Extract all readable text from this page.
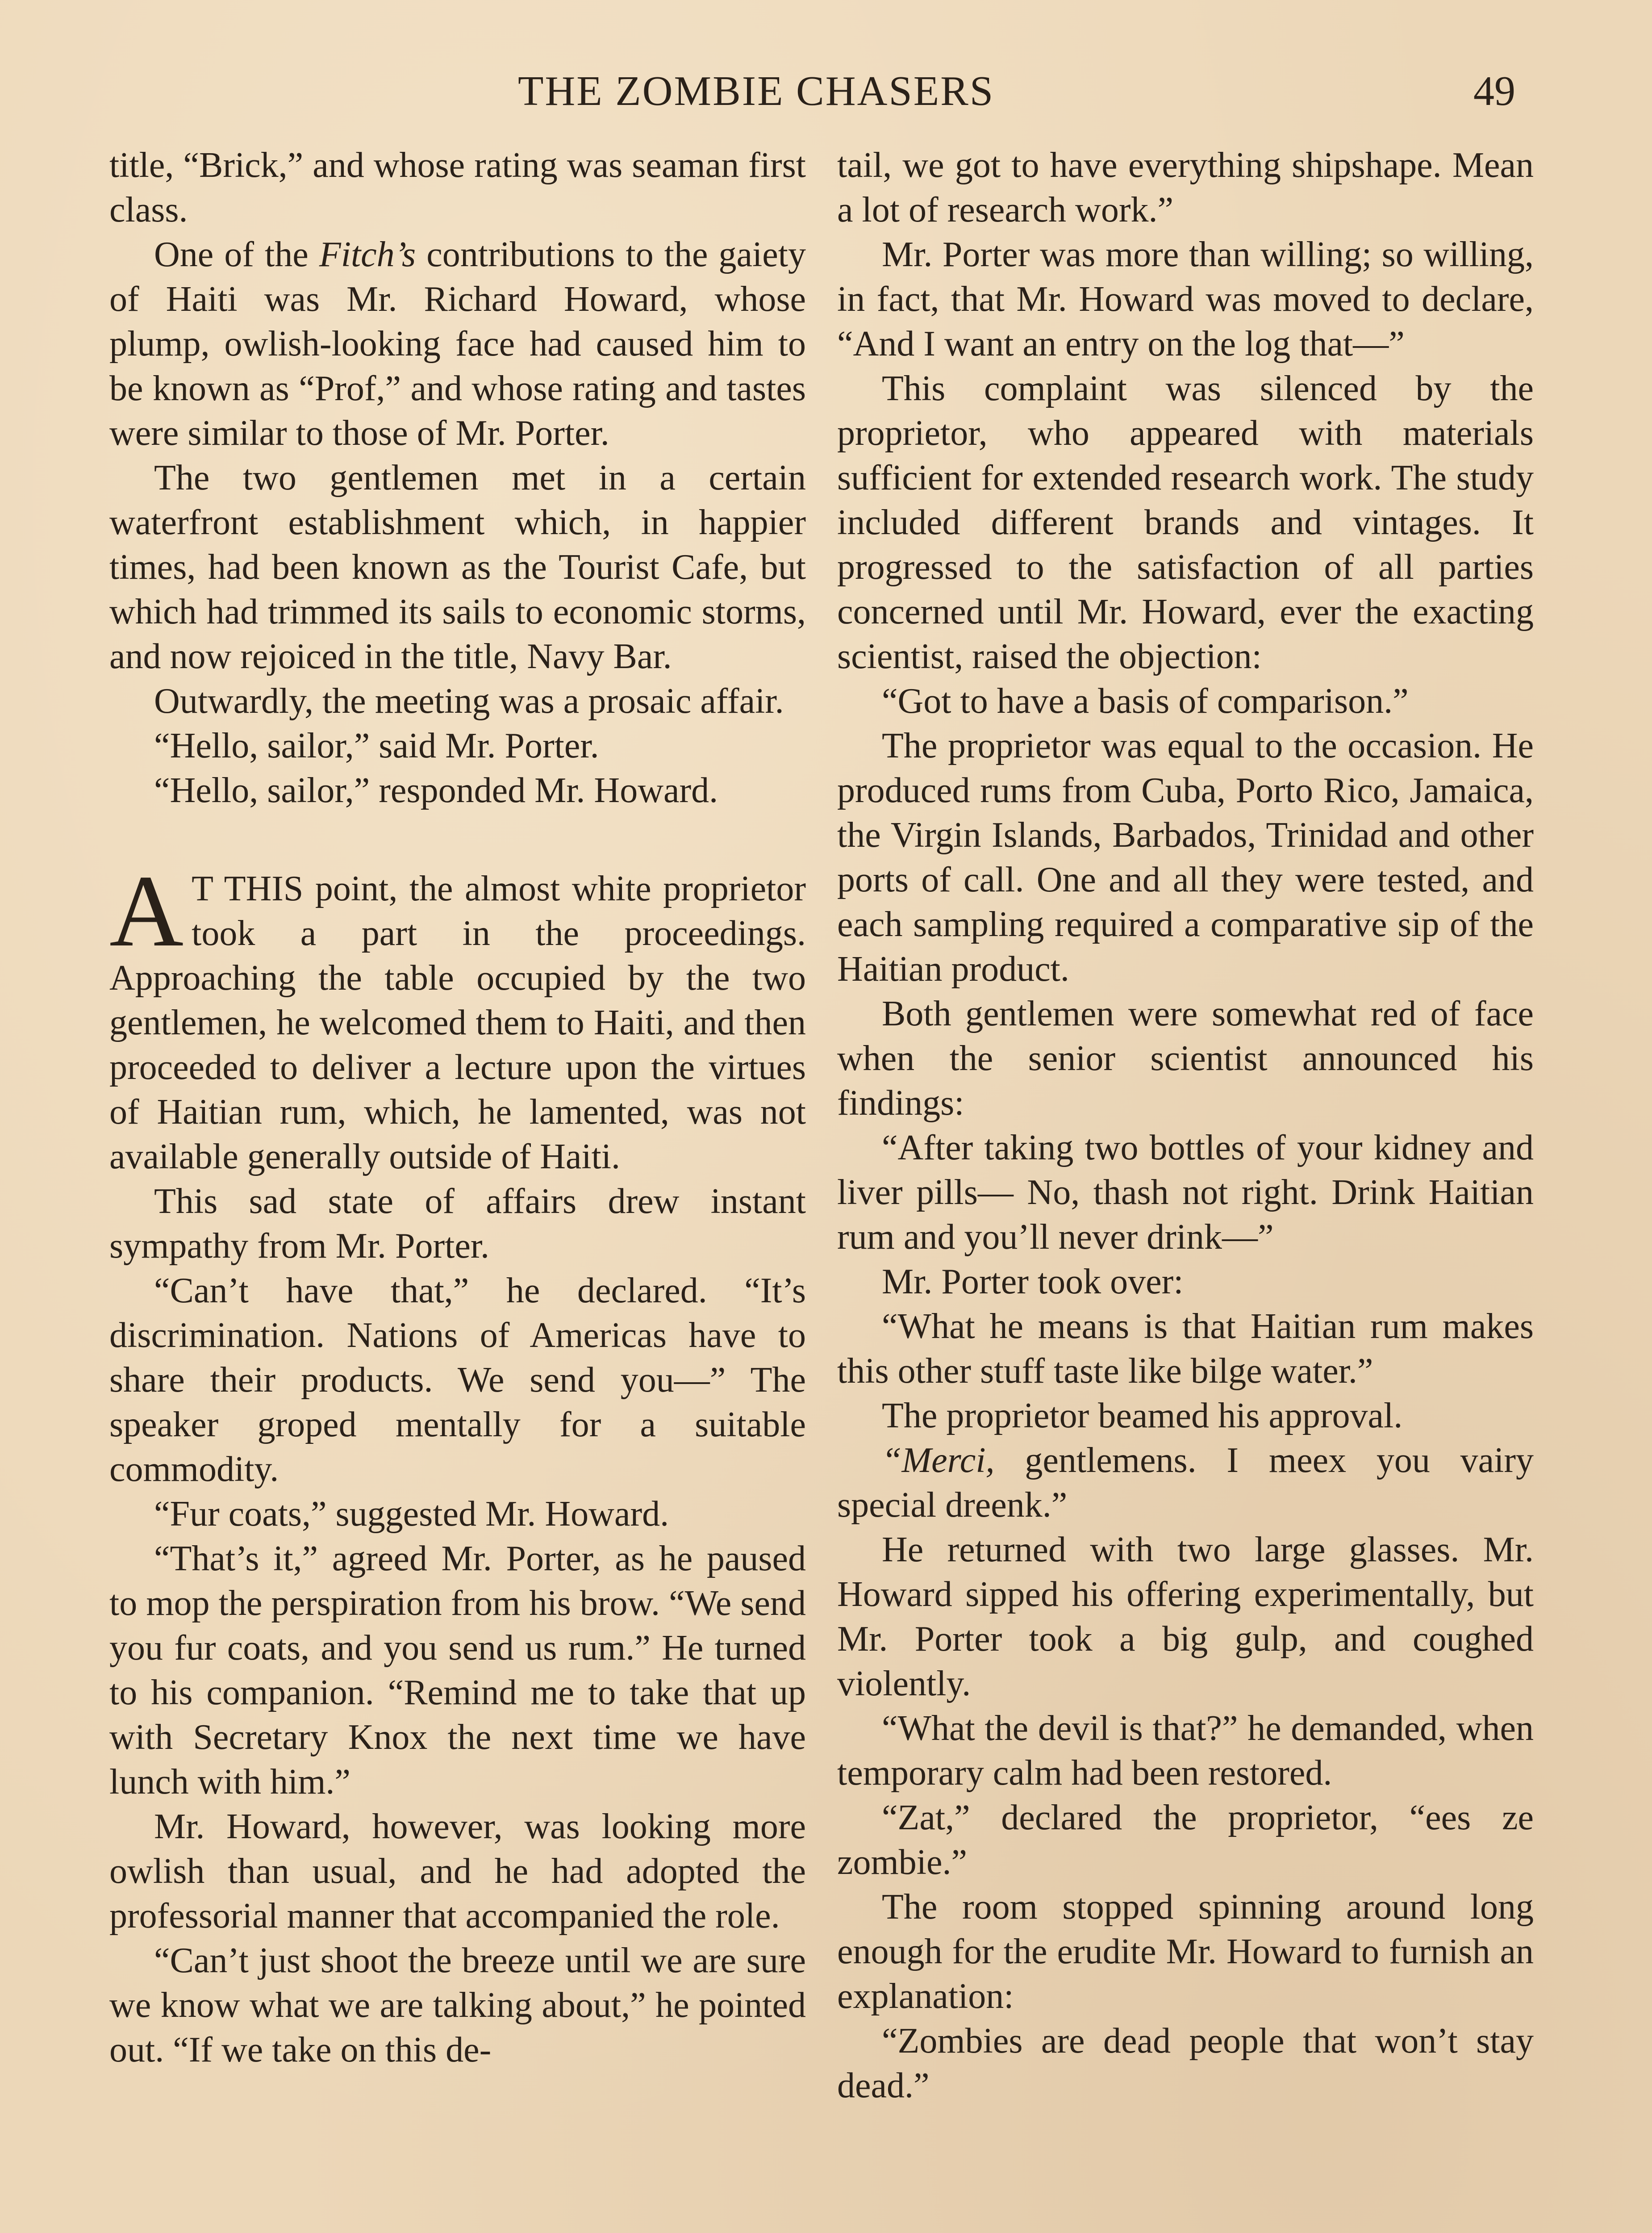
THE ZOMBIE CHASERS	49

title, “Brick,” and whose rating was seaman first class.

One of the Fitch’s contributions to the gaiety of Haiti was Mr. Richard Howard, whose plump, owlish-looking face had caused him to be known as “Prof,” and whose rating and tastes were similar to those of Mr. Porter.

The two gentlemen met in a certain waterfront establishment which, in happier times, had been known as the Tourist Cafe, but which had trimmed its sails to economic storms, and now rejoiced in the title, Navy Bar.

Outwardly, the meeting was a prosaic affair.

“Hello, sailor,” said Mr. Porter.

“Hello, sailor,” responded Mr. Howard.

A T THIS point, the almost white proprietor took a part in the proceedings. Approaching the table occupied by the two gentlemen, he welcomed them to Haiti, and then proceeded to deliver a lecture upon the virtues of Haitian rum, which, he lamented, was not available generally outside of Haiti.

This sad state of affairs drew instant sympathy from Mr. Porter.

“Can’t have that,” he declared. “It’s discrimination. Nations of Americas have to share their products. We send you—” The speaker groped mentally for a suitable commodity.

“Fur coats,” suggested Mr. Howard.

“That’s it,” agreed Mr. Porter, as he paused to mop the perspiration from his brow. “We send you fur coats, and you send us rum.” He turned to his companion. “Remind me to take that up with Secretary Knox the next time we have lunch with him.”

Mr. Howard, however, was looking more owlish than usual, and he had adopted the professorial manner that accompanied the role.

“Can’t just shoot the breeze until we are sure we know what we are talking about,” he pointed out. “If we take on this de-

tail, we got to have everything shipshape. Mean a lot of research work.”

Mr. Porter was more than willing; so willing, in fact, that Mr. Howard was moved to declare, “And I want an entry on the log that—”

This complaint was silenced by the proprietor, who appeared with materials sufficient for extended research work. The study included different brands and vintages. It progressed to the satisfaction of all parties concerned until Mr. Howard, ever the exacting scientist, raised the objection:

“Got to have a basis of comparison.”

The proprietor was equal to the occasion. He produced rums from Cuba, Porto Rico, Jamaica, the Virgin Islands, Barbados, Trinidad and other ports of call. One and all they were tested, and each sampling required a comparative sip of the Haitian product.

Both gentlemen were somewhat red of face when the senior scientist announced his findings:

“After taking two bottles of your kidney and liver pills— No, thash not right. Drink Haitian rum and you’ll never drink—”

Mr. Porter took over:

“What he means is that Haitian rum makes this other stuff taste like bilge water.”

The proprietor beamed his approval.

“Merci, gentlemens. I meex you vairy special dreenk.”

He returned with two large glasses. Mr. Howard sipped his offering experimentally, but Mr. Porter took a big gulp, and coughed violently.

“What the devil is that?” he demanded, when temporary calm had been restored.

“Zat,” declared the proprietor, “ees ze zombie.”

The room stopped spinning around long enough for the erudite Mr. Howard to furnish an explanation:

“Zombies are dead people that won’t stay dead.”
